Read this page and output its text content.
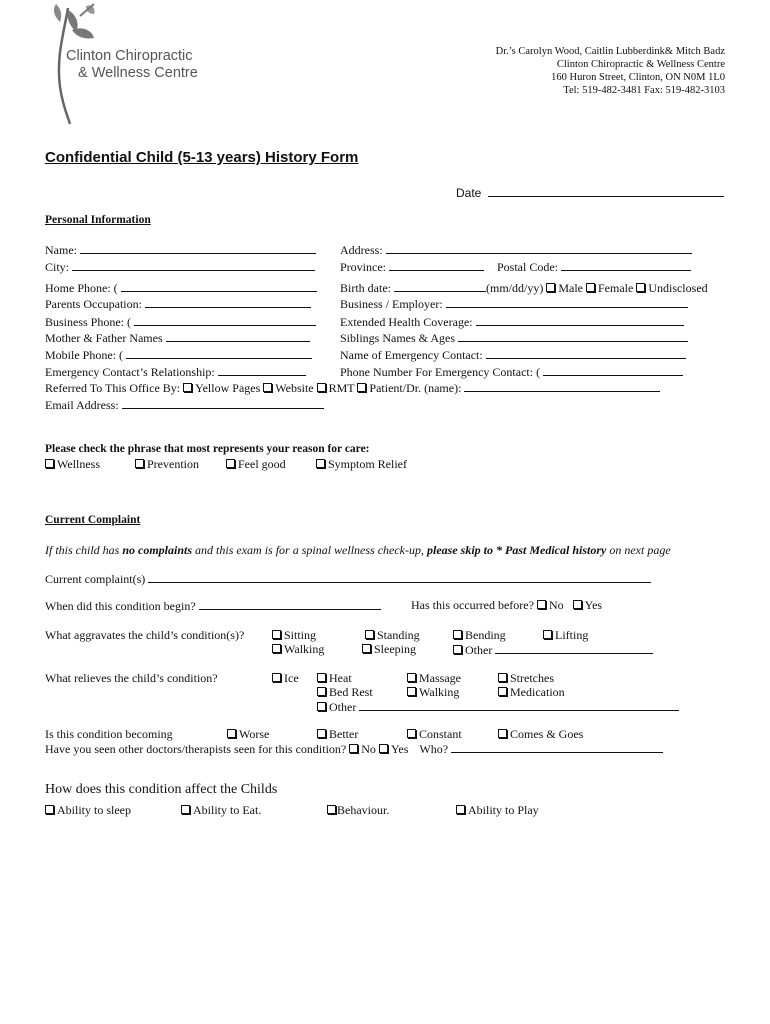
Clinton Chiropractic
& Wellness Centre
Dr.’s Carolyn Wood, Caitlin Lubberdink& Mitch Badz
Clinton Chiropractic & Wellness Centre
160 Huron Street, Clinton, ON N0M 1L0
Tel: 519-482-3481 Fax: 519-482-3103
Confidential Child (5-13 years) History Form
Date
Personal Information
Name:	Address:
City:	Province:	Postal Code:
Home Phone: (	Birth date:	(mm/dd/yy) Male Female Undisclosed
Parents Occupation:	Business / Employer:
Business Phone: (	Extended Health Coverage:
Mother & Father Names	Siblings Names & Ages
Mobile Phone: (	Name of Emergency Contact:
Emergency Contact’s Relationship:	Phone Number For Emergency Contact: (
Referred To This Office By: Yellow Pages Website RMT Patient/Dr. (name):
Email Address:
Please check the phrase that most represents your reason for care:
Wellness	Prevention	Feel good	Symptom Relief
Current Complaint
If this child has no complaints and this exam is for a spinal wellness check-up, please skip to * Past Medical history on next page
Current complaint(s)
When did this condition begin?	Has this occurred before? No Yes
What aggravates the child’s condition(s)?	Sitting	Standing	Bending	Lifting
Walking	Sleeping	Other
What relieves the child’s condition?	Ice	Heat	Massage	Stretches
Bed Rest	Walking	Medication
Other
Is this condition becoming	Worse	Better	Constant	Comes & Goes
Have you seen other doctors/therapists seen for this condition? No Yes Who?
How does this condition affect the Childs
Ability to sleep	Ability to Eat.	Behaviour.	Ability to Play
